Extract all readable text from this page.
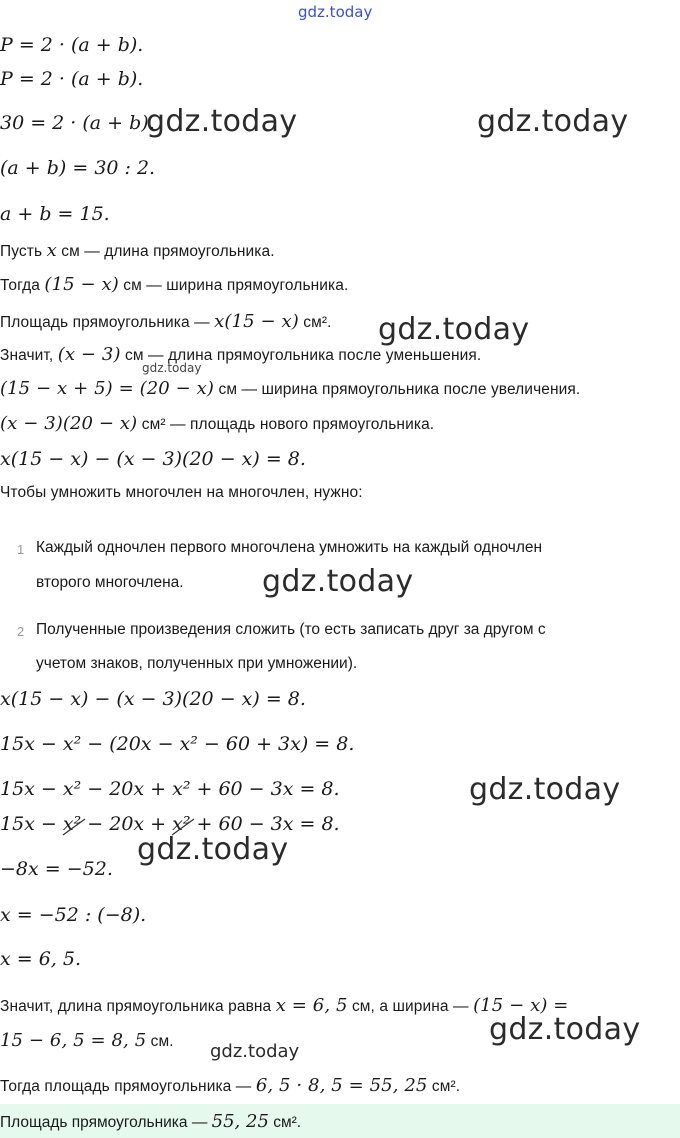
gdz.today
gdz.today	gdz.today
gdz.today
gdz.today
gdz.today
gdz.today
gdz.today
gdz.today
gdz.today
P = 2 · (a + b).
P = 2 · (a + b).
30 = 2 · (a + b).
(a + b) = 30 : 2.
a + b = 15.
Пусть x см — длина прямоугольника.
Тогда (15 − x) см — ширина прямоугольника.
Площадь прямоугольника — x(15 − x) см².
Значит, (x − 3) см — длина прямоугольника после уменьшения.
(15 − x + 5) = (20 − x) см — ширина прямоугольника после увеличения.
(x − 3)(20 − x) см² — площадь нового прямоугольника.
x(15 − x) − (x − 3)(20 − x) = 8.
Чтобы умножить многочлен на многочлен, нужно:
1 Каждый одночлен первого многочлена умножить на каждый одночлен
второго многочлена.
2 Полученные произведения сложить (то есть записать друг за другом с
учетом знаков, полученных при умножении).
x(15 − x) − (x − 3)(20 − x) = 8.
15x − x² − (20x − x² − 60 + 3x) = 8.
15x − x² − 20x + x² + 60 − 3x = 8.
15x − x²
− 20x + x²
+ 60 − 3x = 8.
−8x = −52.
x = −52 : (−8).
x = 6, 5.
Значит, длина прямоугольника равна x = 6, 5 см, а ширина — (15 − x) =
15 − 6, 5 = 8, 5 см.
Тогда площадь прямоугольника — 6, 5 · 8, 5 = 55, 25 см².
Площадь прямоугольника — 55, 25 см².
